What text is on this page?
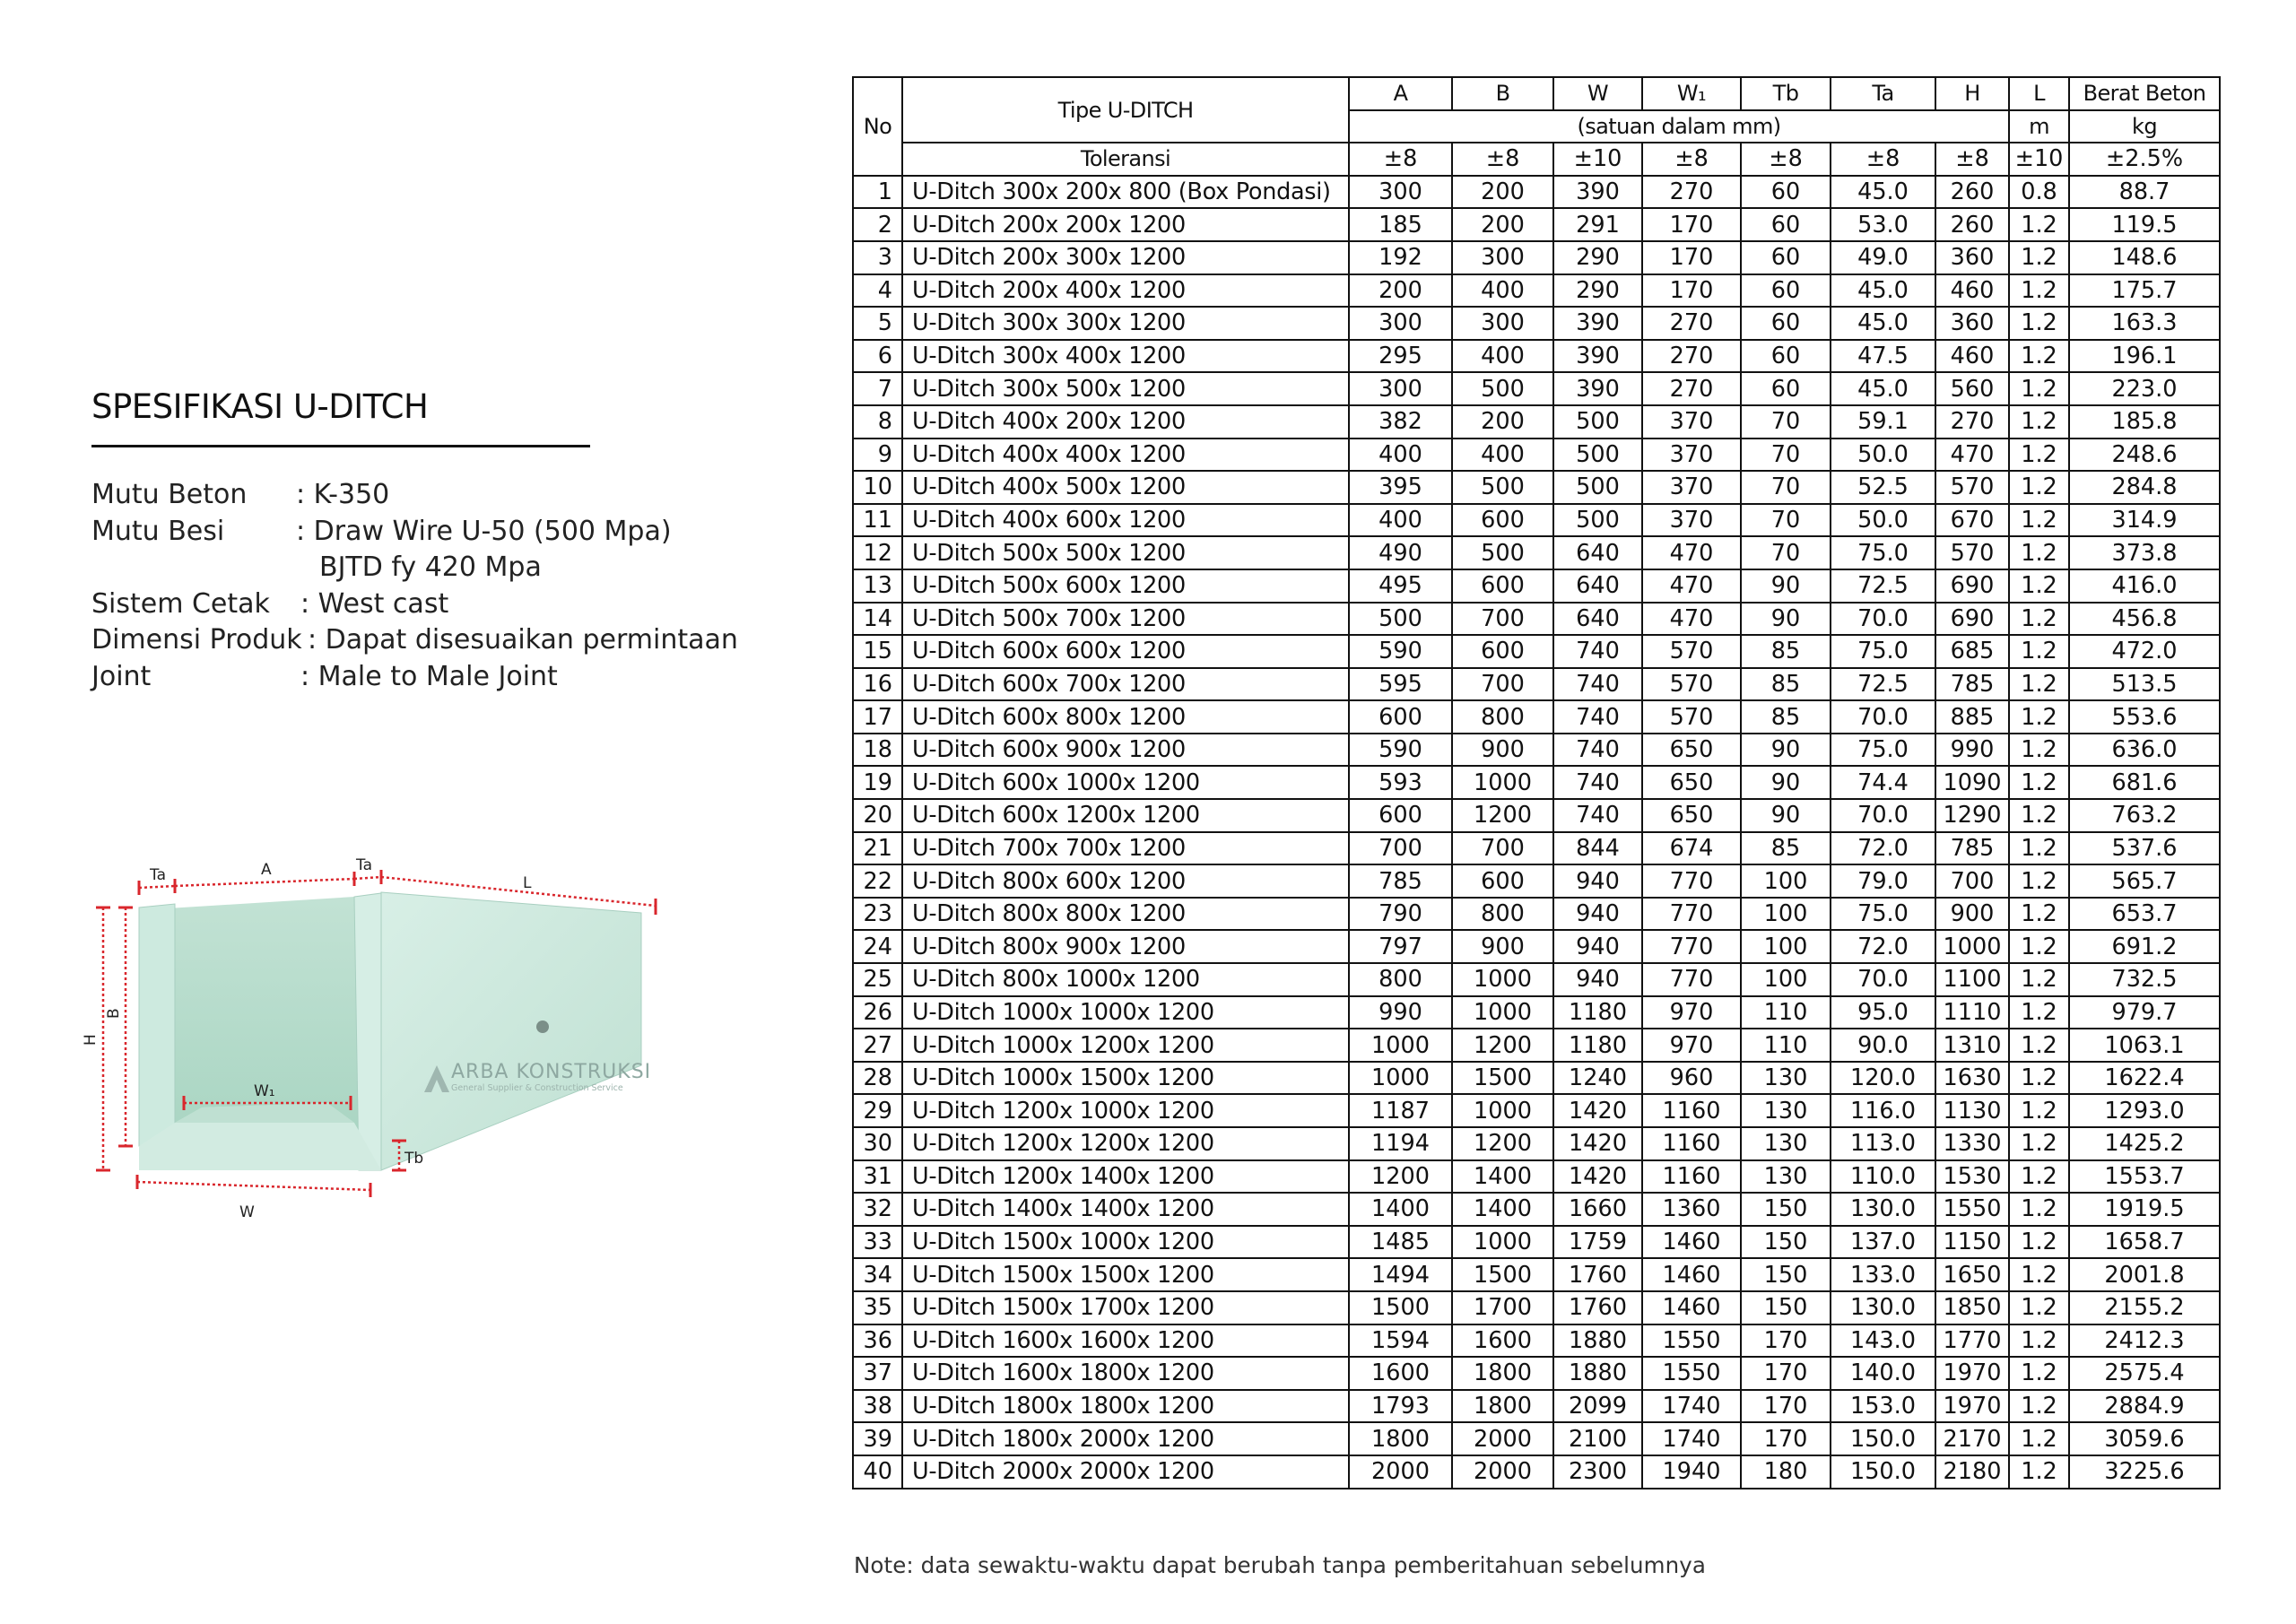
SPESIFIKASI U-DITCH
Mutu Beton : K-350
Mutu Besi	: Draw Wire U-50 (500 Mpa)
BJTD fy 420 Mpa
Sistem Cetak : West cast
Dimensi Produk : Dapat disesuaikan permintaan
Joint	: Male to Male Joint
ARBA KONSTRUKSI
General Supplier & Construction Service
Ta	A	Ta
L
H
B
W₁
Tb
W
No	Tipe U-DITCH	A	B	W	W₁	Tb	Ta	H	L	Berat Beton
		(satuan dalam mm)							m	kg
	Toleransi	±8	±8	±10	±8	±8	±8	±8	±10	±2.5%
1	U-Ditch 300x 200x 800 (Box Pondasi)	300	200	390	270	60	45.0	260	0.8	88.7
2	U-Ditch 200x 200x 1200	185	200	291	170	60	53.0	260	1.2	119.5
3	U-Ditch 200x 300x 1200	192	300	290	170	60	49.0	360	1.2	148.6
4	U-Ditch 200x 400x 1200	200	400	290	170	60	45.0	460	1.2	175.7
5	U-Ditch 300x 300x 1200	300	300	390	270	60	45.0	360	1.2	163.3
6	U-Ditch 300x 400x 1200	295	400	390	270	60	47.5	460	1.2	196.1
7	U-Ditch 300x 500x 1200	300	500	390	270	60	45.0	560	1.2	223.0
8	U-Ditch 400x 200x 1200	382	200	500	370	70	59.1	270	1.2	185.8
9	U-Ditch 400x 400x 1200	400	400	500	370	70	50.0	470	1.2	248.6
10	U-Ditch 400x 500x 1200	395	500	500	370	70	52.5	570	1.2	284.8
11	U-Ditch 400x 600x 1200	400	600	500	370	70	50.0	670	1.2	314.9
12	U-Ditch 500x 500x 1200	490	500	640	470	70	75.0	570	1.2	373.8
13	U-Ditch 500x 600x 1200	495	600	640	470	90	72.5	690	1.2	416.0
14	U-Ditch 500x 700x 1200	500	700	640	470	90	70.0	690	1.2	456.8
15	U-Ditch 600x 600x 1200	590	600	740	570	85	75.0	685	1.2	472.0
16	U-Ditch 600x 700x 1200	595	700	740	570	85	72.5	785	1.2	513.5
17	U-Ditch 600x 800x 1200	600	800	740	570	85	70.0	885	1.2	553.6
18	U-Ditch 600x 900x 1200	590	900	740	650	90	75.0	990	1.2	636.0
19	U-Ditch 600x 1000x 1200	593	1000	740	650	90	74.4	1090	1.2	681.6
20	U-Ditch 600x 1200x 1200	600	1200	740	650	90	70.0	1290	1.2	763.2
21	U-Ditch 700x 700x 1200	700	700	844	674	85	72.0	785	1.2	537.6
22	U-Ditch 800x 600x 1200	785	600	940	770	100	79.0	700	1.2	565.7
23	U-Ditch 800x 800x 1200	790	800	940	770	100	75.0	900	1.2	653.7
24	U-Ditch 800x 900x 1200	797	900	940	770	100	72.0	1000	1.2	691.2
25	U-Ditch 800x 1000x 1200	800	1000	940	770	100	70.0	1100	1.2	732.5
26	U-Ditch 1000x 1000x 1200	990	1000	1180	970	110	95.0	1110	1.2	979.7
27	U-Ditch 1000x 1200x 1200	1000	1200	1180	970	110	90.0	1310	1.2	1063.1
28	U-Ditch 1000x 1500x 1200	1000	1500	1240	960	130	120.0	1630	1.2	1622.4
29	U-Ditch 1200x 1000x 1200	1187	1000	1420	1160	130	116.0	1130	1.2	1293.0
30	U-Ditch 1200x 1200x 1200	1194	1200	1420	1160	130	113.0	1330	1.2	1425.2
31	U-Ditch 1200x 1400x 1200	1200	1400	1420	1160	130	110.0	1530	1.2	1553.7
32	U-Ditch 1400x 1400x 1200	1400	1400	1660	1360	150	130.0	1550	1.2	1919.5
33	U-Ditch 1500x 1000x 1200	1485	1000	1759	1460	150	137.0	1150	1.2	1658.7
34	U-Ditch 1500x 1500x 1200	1494	1500	1760	1460	150	133.0	1650	1.2	2001.8
35	U-Ditch 1500x 1700x 1200	1500	1700	1760	1460	150	130.0	1850	1.2	2155.2
36	U-Ditch 1600x 1600x 1200	1594	1600	1880	1550	170	143.0	1770	1.2	2412.3
37	U-Ditch 1600x 1800x 1200	1600	1800	1880	1550	170	140.0	1970	1.2	2575.4
38	U-Ditch 1800x 1800x 1200	1793	1800	2099	1740	170	153.0	1970	1.2	2884.9
39	U-Ditch 1800x 2000x 1200	1800	2000	2100	1740	170	150.0	2170	1.2	3059.6
40	U-Ditch 2000x 2000x 1200	2000	2000	2300	1940	180	150.0	2180	1.2	3225.6
Note: data sewaktu-waktu dapat berubah tanpa pemberitahuan sebelumnya
